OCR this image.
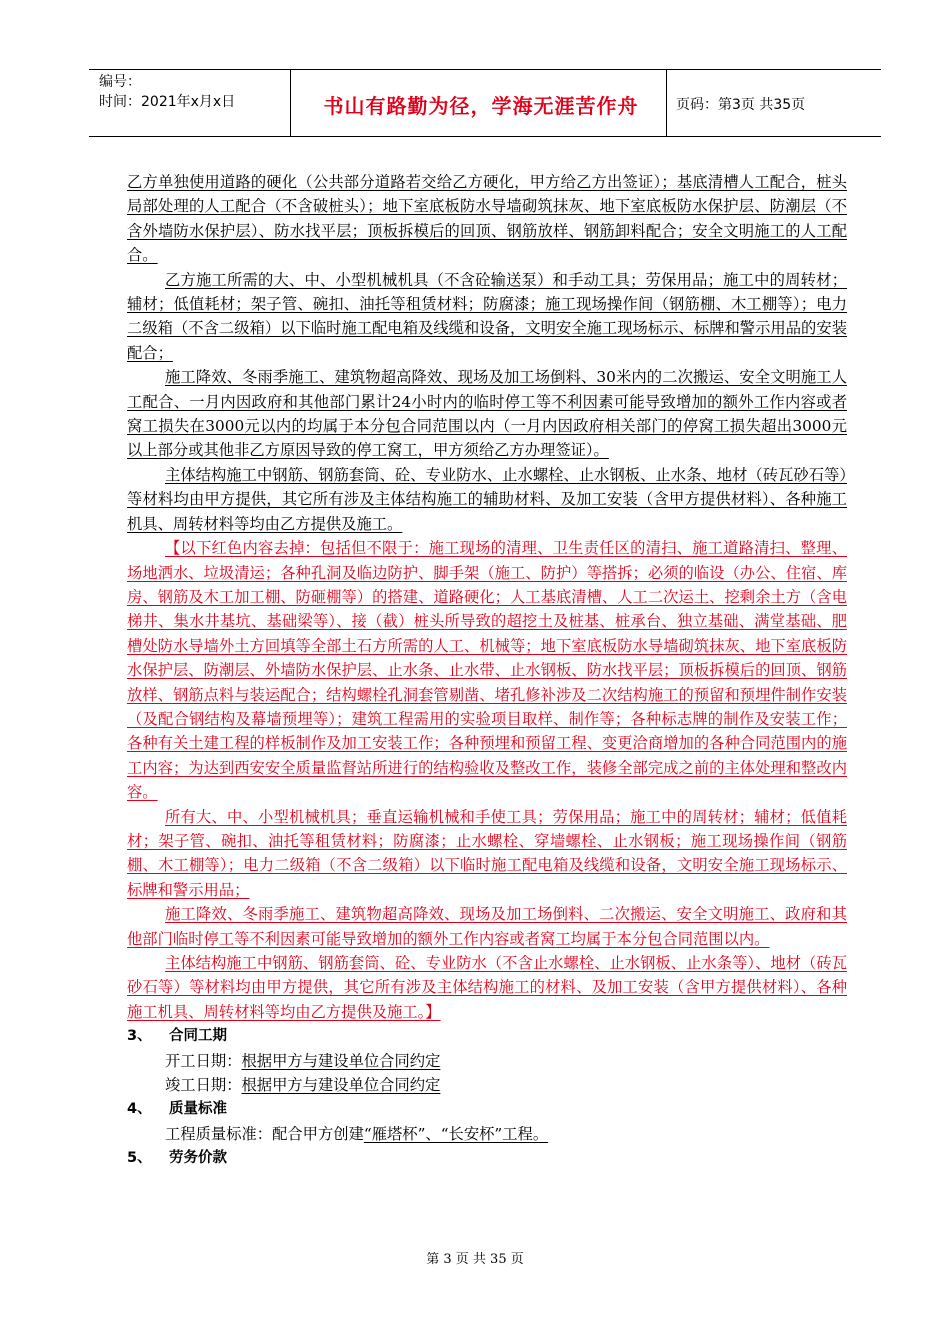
编号：
时间：2021年x月x日	书山有路勤为径，学海无涯苦作舟	页码：第3页 共35页

乙方单独使用道路的硬化（公共部分道路若交给乙方硬化，甲方给乙方出签证）；基底清槽人工配合，桩头局部处理的人工配合（不含破桩头）；地下室底板防水导墙砌筑抹灰、地下室底板防水保护层、防潮层（不含外墙防水保护层）、防水找平层；顶板拆模后的回顶、钢筋放样、钢筋卸料配合；安全文明施工的人工配合。

乙方施工所需的大、中、小型机械机具（不含砼输送泵）和手动工具；劳保用品；施工中的周转材；辅材；低值耗材；架子管、碗扣、油托等租赁材料；防腐漆；施工现场操作间（钢筋棚、木工棚等）；电力二级箱（不含二级箱）以下临时施工配电箱及线缆和设备，文明安全施工现场标示、标牌和警示用品的安装配合；

施工降效、冬雨季施工、建筑物超高降效、现场及加工场倒料、30米内的二次搬运、安全文明施工人工配合、一月内因政府和其他部门累计24小时内的临时停工等不利因素可能导致增加的额外工作内容或者窝工损失在3000元以内的均属于本分包合同范围以内（一月内因政府相关部门的停窝工损失超出3000元以上部分或其他非乙方原因导致的停工窝工，甲方须给乙方办理签证）。

主体结构施工中钢筋、钢筋套筒、砼、专业防水、止水螺栓、止水钢板、止水条、地材（砖瓦砂石等）等材料均由甲方提供，其它所有涉及主体结构施工的辅助材料、及加工安装（含甲方提供材料）、各种施工机具、周转材料等均由乙方提供及施工。

【以下红色内容去掉：包括但不限于：施工现场的清理、卫生责任区的清扫、施工道路清扫、整理、场地洒水、垃圾清运；各种孔洞及临边防护、脚手架（施工、防护）等搭拆；必须的临设（办公、住宿、库房、钢筋及木工加工棚、防砸棚等）的搭建、道路硬化；人工基底清槽、人工二次运土、挖剩余土方（含电梯井、集水井基坑、基础梁等）、接（截）桩头所导致的超挖土及桩基、桩承台、独立基础、满堂基础、肥槽处防水导墙外土方回填等全部土石方所需的人工、机械等；地下室底板防水导墙砌筑抹灰、地下室底板防水保护层、防潮层、外墙防水保护层、止水条、止水带、止水钢板、防水找平层；顶板拆模后的回顶、钢筋放样、钢筋点料与装运配合；结构螺栓孔洞套管剔凿、堵孔修补涉及二次结构施工的预留和预埋件制作安装（及配合钢结构及幕墙预埋等）；建筑工程需用的实验项目取样、制作等；各种标志牌的制作及安装工作；各种有关土建工程的样板制作及加工安装工作；各种预埋和预留工程、变更洽商增加的各种合同范围内的施工内容；为达到西安安全质量监督站所进行的结构验收及整改工作，装修全部完成之前的主体处理和整改内容。

所有大、中、小型机械机具；垂直运输机械和手使工具；劳保用品；施工中的周转材；辅材；低值耗材；架子管、碗扣、油托等租赁材料；防腐漆；止水螺栓、穿墙螺栓、止水钢板；施工现场操作间（钢筋棚、木工棚等）；电力二级箱（不含二级箱）以下临时施工配电箱及线缆和设备，文明安全施工现场标示、标牌和警示用品；

施工降效、冬雨季施工、建筑物超高降效、现场及加工场倒料、二次搬运、安全文明施工、政府和其他部门临时停工等不利因素可能导致增加的额外工作内容或者窝工均属于本分包合同范围以内。

主体结构施工中钢筋、钢筋套筒、砼、专业防水（不含止水螺栓、止水钢板、止水条等）、地材（砖瓦砂石等）等材料均由甲方提供，其它所有涉及主体结构施工的材料、及加工安装（含甲方提供材料）、各种施工机具、周转材料等均由乙方提供及施工。】

3、 合同工期

开工日期：根据甲方与建设单位合同约定

竣工日期：根据甲方与建设单位合同约定

4、 质量标准

工程质量标准：配合甲方创建“雁塔杯”、“长安杯”工程。

5、 劳务价款

第 3 页 共 35 页
